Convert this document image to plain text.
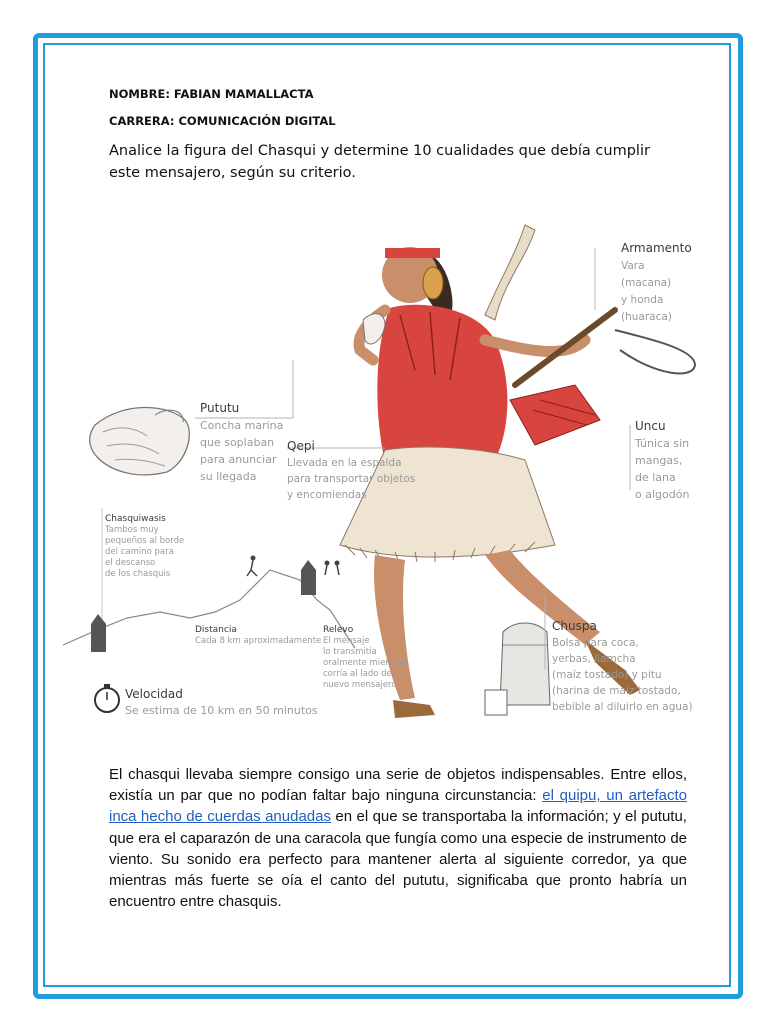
NOMBRE: FABIAN MAMALLACTA
CARRERA: COMUNICACIÓN DIGITAL

Analice la figura del Chasqui y determine 10 cualidades que debía cumplir este mensajero, según su criterio.

Armamento
Vara
(macana)
y honda
(huaraca)
Pututu
Concha marina
que soplaban
para anunciar
su llegada
Qepi
Llevada en la espalda
para transportar objetos
y encomiendas
Uncu
Túnica sin
mangas,
de lana
o algodón
Chasquiwasis
Tambos muy
pequeños al borde
del camino para
el descanso
de los chasquis
Distancia
Cada 8 km aproximadamente
Relevo
El mensaje
lo transmitía
oralmente mientras
corría al lado del
nuevo mensajero
Chuspa
Bolsa para coca,
yerbas, llamcha
(maíz tostado) y pitu
(harina de maíz tostado,
bebible al diluirlo en agua)
Velocidad
Se estima de 10 km en 50 minutos

El chasqui llevaba siempre consigo una serie de objetos indispensables. Entre ellos, existía un par que no podían faltar bajo ninguna circunstancia: el quipu, un artefacto inca hecho de cuerdas anudadas en el que se transportaba la información; y el pututu, que era el caparazón de una caracola que fungía como una especie de instrumento de viento. Su sonido era perfecto para mantener alerta al siguiente corredor, ya que mientras más fuerte se oía el canto del pututu, significaba que pronto habría un encuentro entre chasquis.
